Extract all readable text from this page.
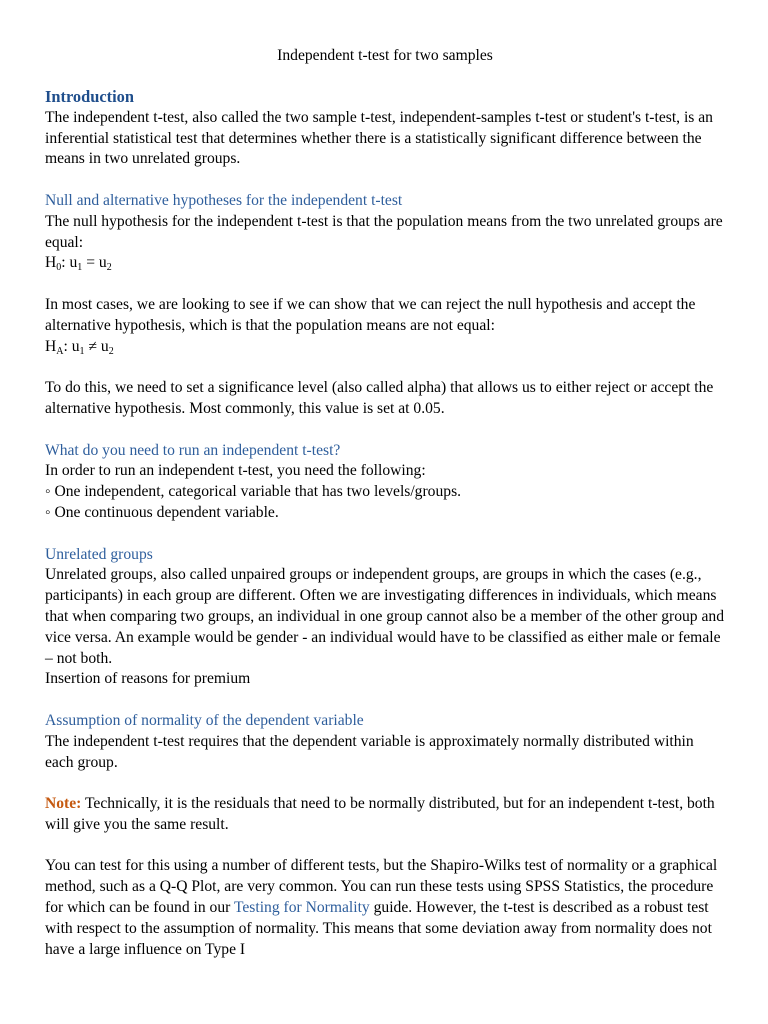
Independent t-test for two samples
Introduction

The independent t-test, also called the two sample t-test, independent-samples t-test or student's t-test, is an inferential statistical test that determines whether there is a statistically significant difference between the means in two unrelated groups.

Null and alternative hypotheses for the independent t-test

The null hypothesis for the independent t-test is that the population means from the two unrelated groups are equal:

$H_0$: $u_1 = u_2$

In most cases, we are looking to see if we can show that we can reject the null hypothesis and accept the alternative hypothesis, which is that the population means are not equal:

$H_A$: $u_1 \ne u_2$

To do this, we need to set a significance level (also called alpha) that allows us to either reject or accept the alternative hypothesis. Most commonly, this value is set at 0.05.

What do you need to run an independent t-test?

In order to run an independent t-test, you need the following:

◦ One independent, categorical variable that has two levels/groups.

◦ One continuous dependent variable.

Unrelated groups

Unrelated groups, also called unpaired groups or independent groups, are groups in which the cases (e.g., participants) in each group are different. Often we are investigating differences in individuals, which means that when comparing two groups, an individual in one group cannot also be a member of the other group and vice versa. An example would be gender - an individual would have to be classified as either male or female – not both.

Insertion of reasons for premium

Assumption of normality of the dependent variable

The independent t-test requires that the dependent variable is approximately normally distributed within each group.

Note: Technically, it is the residuals that need to be normally distributed, but for an independent t-test, both will give you the same result.

You can test for this using a number of different tests, but the Shapiro-Wilks test of normality or a graphical method, such as a Q-Q Plot, are very common. You can run these tests using SPSS Statistics, the procedure for which can be found in our Testing for Normality guide. However, the t-test is described as a robust test with respect to the assumption of normality. This means that some deviation away from normality does not have a large influence on Type I
